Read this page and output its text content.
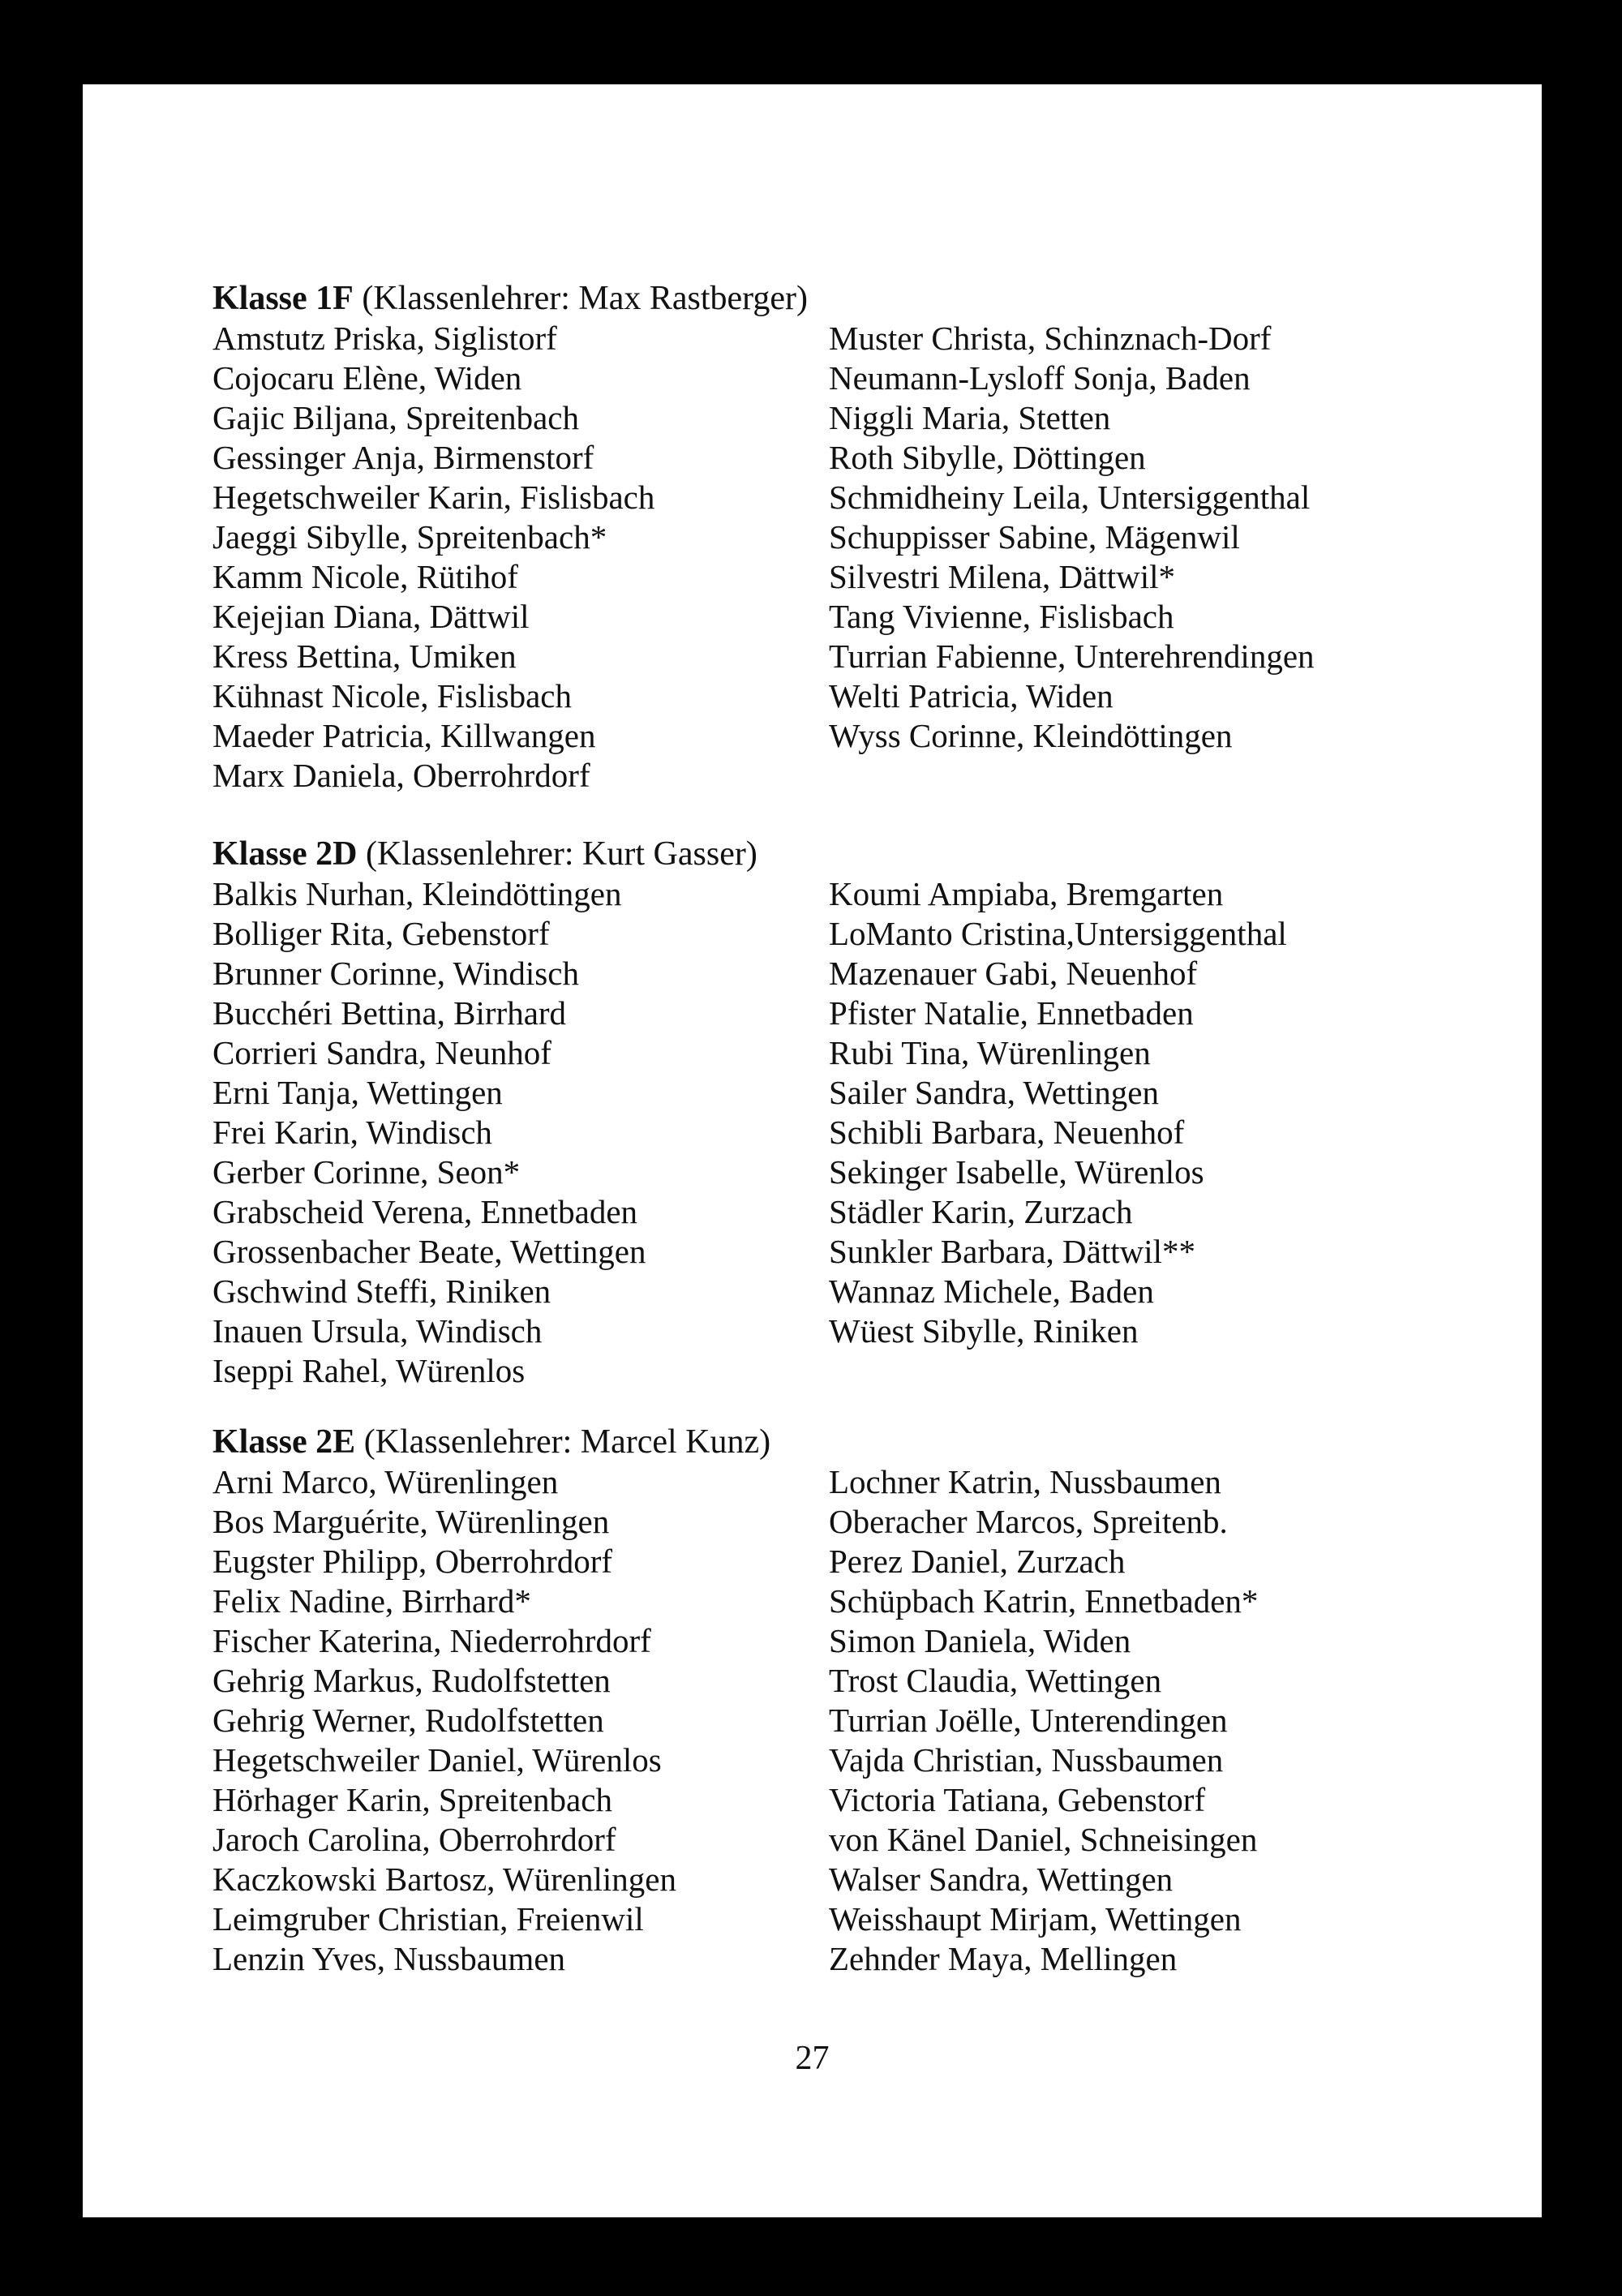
Klasse 1F (Klassenlehrer: Max Rastberger)
Amstutz Priska, Siglistorf
Cojocaru Elène, Widen
Gajic Biljana, Spreitenbach
Gessinger Anja, Birmenstorf
Hegetschweiler Karin, Fislisbach
Jaeggi Sibylle, Spreitenbach*
Kamm Nicole, Rütihof
Kejejian Diana, Dättwil
Kress Bettina, Umiken
Kühnast Nicole, Fislisbach
Maeder Patricia, Killwangen
Marx Daniela, Oberrohrdorf
Muster Christa, Schinznach-Dorf
Neumann-Lysloff Sonja, Baden
Niggli Maria, Stetten
Roth Sibylle, Döttingen
Schmidheiny Leila, Untersiggenthal
Schuppisser Sabine, Mägenwil
Silvestri Milena, Dättwil*
Tang Vivienne, Fislisbach
Turrian Fabienne, Unterehrendingen
Welti Patricia, Widen
Wyss Corinne, Kleindöttingen
Klasse 2D (Klassenlehrer: Kurt Gasser)
Balkis Nurhan, Kleindöttingen
Bolliger Rita, Gebenstorf
Brunner Corinne, Windisch
Bucchéri Bettina, Birrhard
Corrieri Sandra, Neunhof
Erni Tanja, Wettingen
Frei Karin, Windisch
Gerber Corinne, Seon*
Grabscheid Verena, Ennetbaden
Grossenbacher Beate, Wettingen
Gschwind Steffi, Riniken
Inauen Ursula, Windisch
Iseppi Rahel, Würenlos
Koumi Ampiaba, Bremgarten
LoManto Cristina,Untersiggenthal
Mazenauer Gabi, Neuenhof
Pfister Natalie, Ennetbaden
Rubi Tina, Würenlingen
Sailer Sandra, Wettingen
Schibli Barbara, Neuenhof
Sekinger Isabelle, Würenlos
Städler Karin, Zurzach
Sunkler Barbara, Dättwil**
Wannaz Michele, Baden
Wüest Sibylle, Riniken
Klasse 2E (Klassenlehrer: Marcel Kunz)
Arni Marco, Würenlingen
Bos Marguérite, Würenlingen
Eugster Philipp, Oberrohrdorf
Felix Nadine, Birrhard*
Fischer Katerina, Niederrohrdorf
Gehrig Markus, Rudolfstetten
Gehrig Werner, Rudolfstetten
Hegetschweiler Daniel, Würenlos
Hörhager Karin, Spreitenbach
Jaroch Carolina, Oberrohrdorf
Kaczkowski Bartosz, Würenlingen
Leimgruber Christian, Freienwil
Lenzin Yves, Nussbaumen
Lochner Katrin, Nussbaumen
Oberacher Marcos, Spreitenb.
Perez Daniel, Zurzach
Schüpbach Katrin, Ennetbaden*
Simon Daniela, Widen
Trost Claudia, Wettingen
Turrian Joëlle, Unterendingen
Vajda Christian, Nussbaumen
Victoria Tatiana, Gebenstorf
von Känel Daniel, Schneisingen
Walser Sandra, Wettingen
Weisshaupt Mirjam, Wettingen
Zehnder Maya, Mellingen
27
